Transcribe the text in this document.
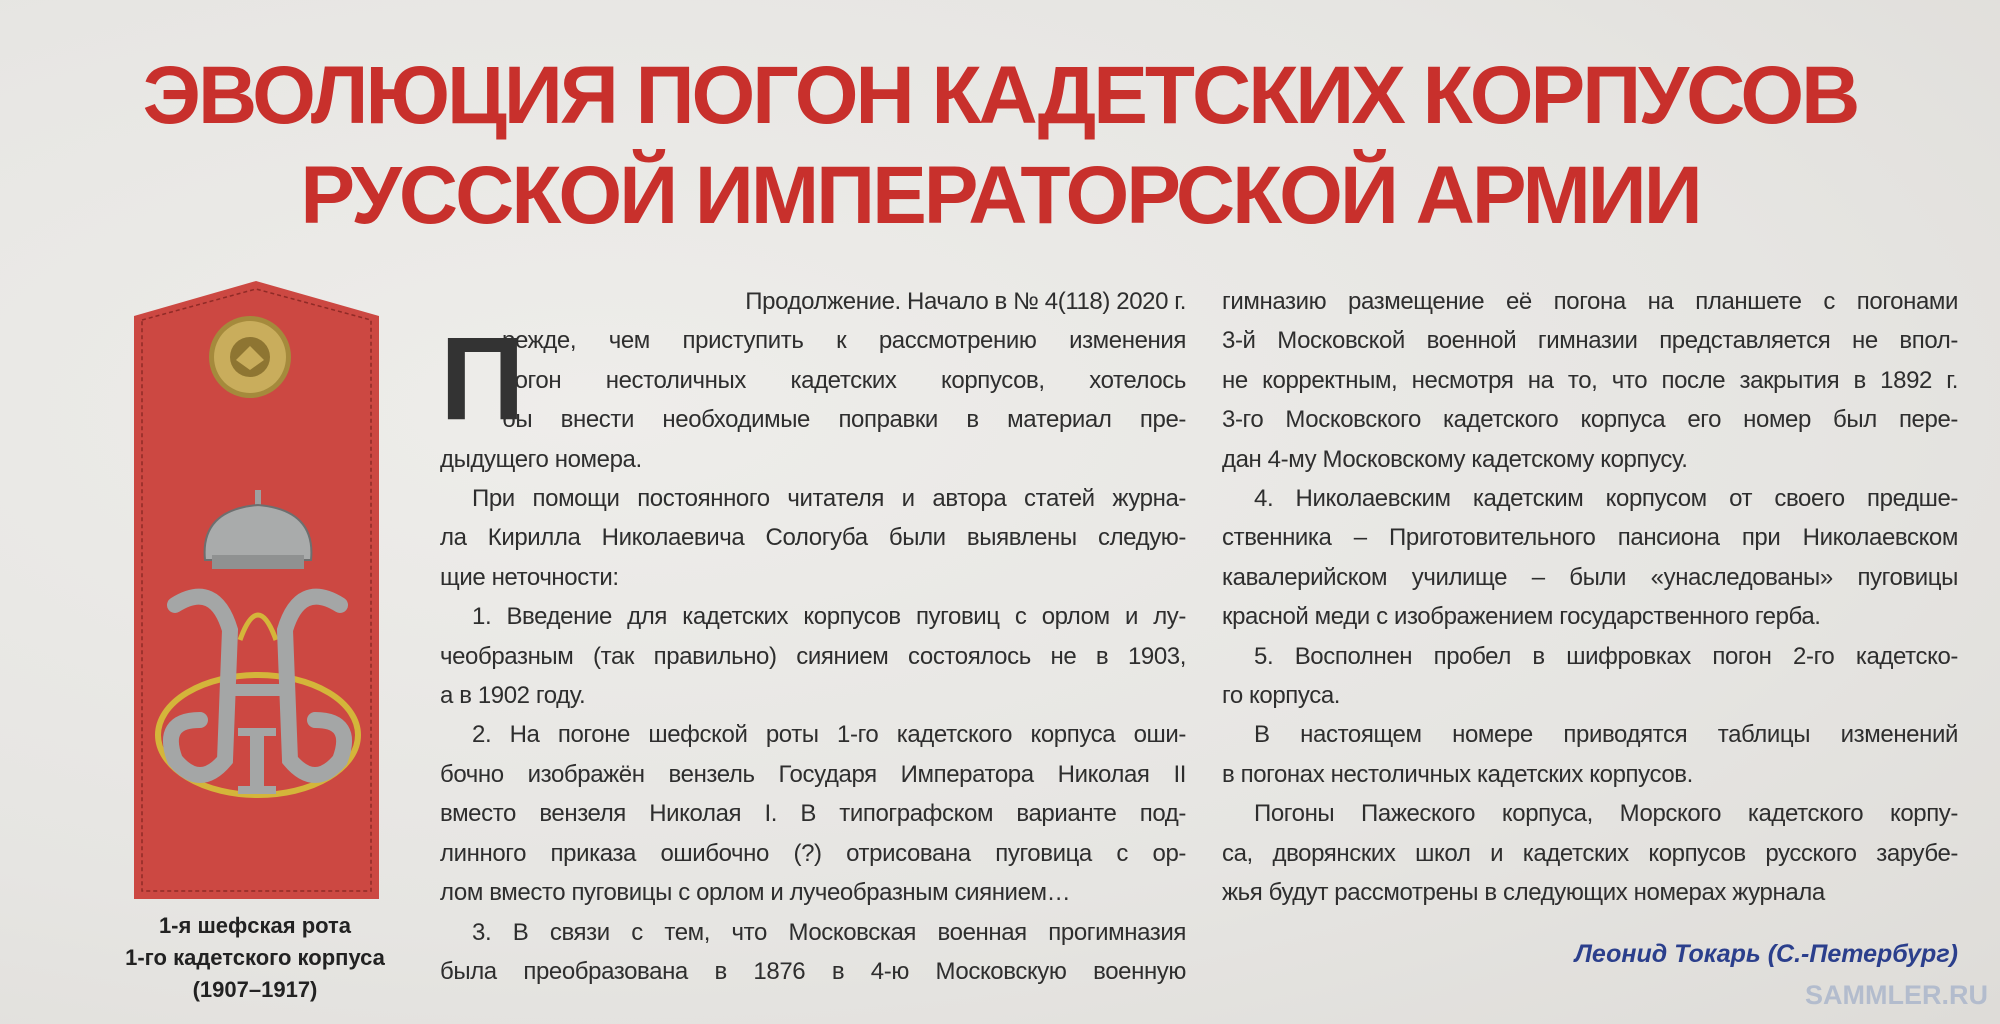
ЭВОЛЮЦИЯ ПОГОН КАДЕТСКИХ КОРПУСОВ
РУССКОЙ ИМПЕРАТОРСКОЙ АРМИИ
1-я шефская рота
1-го кадетского корпуса
(1907–1917)
Продолжение. Начало в № 4(118) 2020 г.
П
режде, чем приступить к рассмотрению изменения
погон нестоличных кадетских корпусов, хотелось
бы внести необходимые поправки в материал пре-
дыдущего номера.
При помощи постоянного читателя и автора статей журна-
ла Кирилла Николаевича Сологуба были выявлены следую-
щие неточности:
1. Введение для кадетских корпусов пуговиц с орлом и лу-
чеобразным (так правильно) сиянием состоялось не в 1903,
а в 1902 году.
2. На погоне шефской роты 1-го кадетского корпуса оши-
бочно изображён вензель Государя Императора Николая II
вместо вензеля Николая I. В типографском варианте под-
линного приказа ошибочно (?) отрисована пуговица с ор-
лом вместо пуговицы с орлом и лучеобразным сиянием…
3. В связи с тем, что Московская военная прогимназия
была преобразована в 1876 в 4-ю Московскую военную
гимназию размещение её погона на планшете с погонами
3-й Московской военной гимназии представляется не впол-
не корректным, несмотря на то, что после закрытия в 1892 г.
3-го Московского кадетского корпуса его номер был пере-
дан 4-му Московскому кадетскому корпусу.
4. Николаевским кадетским корпусом от своего предше-
ственника – Приготовительного пансиона при Николаевском
кавалерийском училище – были «унаследованы» пуговицы
красной меди с изображением государственного герба.
5. Восполнен пробел в шифровках погон 2-го кадетско-
го корпуса.
В настоящем номере приводятся таблицы изменений
в погонах нестоличных кадетских корпусов.
Погоны Пажеского корпуса, Морского кадетского корпу-
са, дворянских школ и кадетских корпусов русского зарубе-
жья будут рассмотрены в следующих номерах журнала
Леонид Токарь (С.-Петербург)
SAMMLER.RU
